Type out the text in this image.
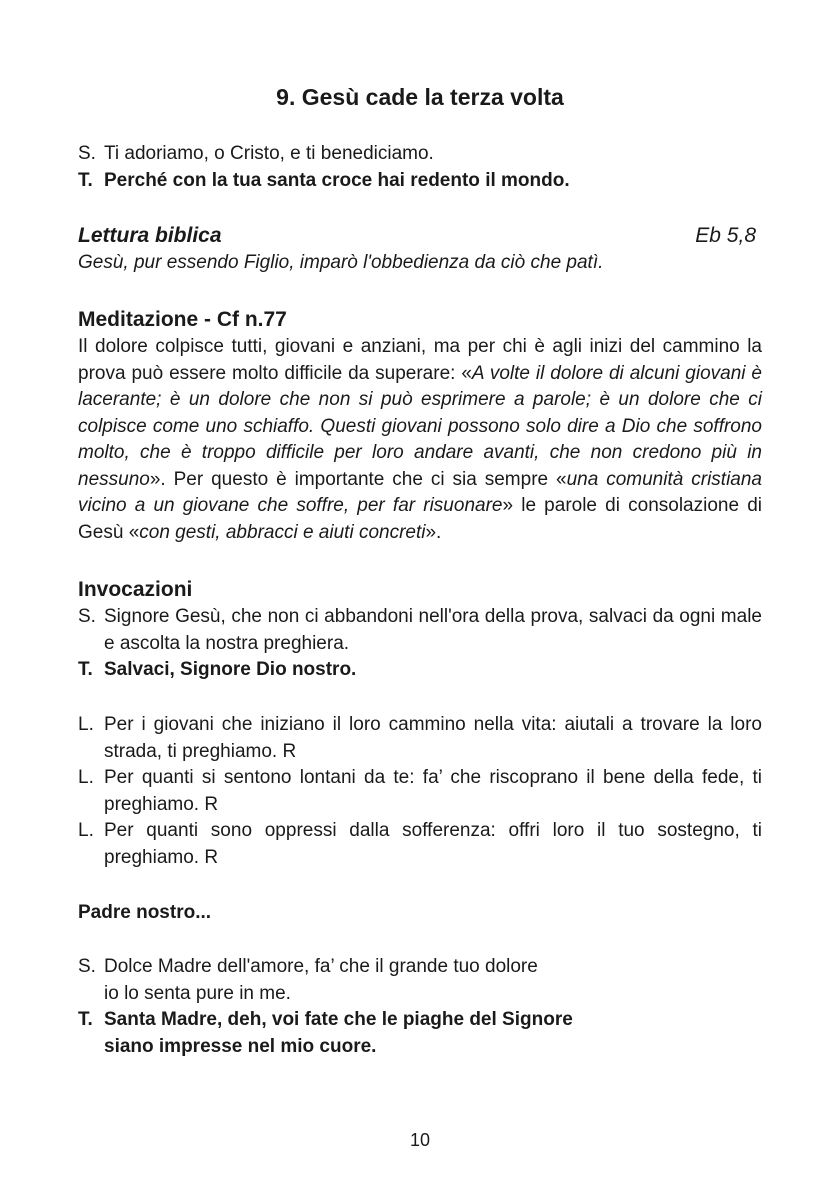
9. Gesù cade la terza volta
S. Ti adoriamo, o Cristo, e ti benediciamo.
T. Perché con la tua santa croce hai redento il mondo.
Lettura biblica	Eb 5,8
Gesù, pur essendo Figlio, imparò l'obbedienza da ciò che patì.
Meditazione - Cf n.77
Il dolore colpisce tutti, giovani e anziani, ma per chi è agli inizi del cammino la prova può essere molto difficile da superare: «A volte il dolore di alcuni giovani è lacerante; è un dolore che non si può esprimere a parole; è un dolore che ci colpisce come uno schiaffo. Questi giovani possono solo dire a Dio che soffrono molto, che è troppo difficile per loro andare avanti, che non credono più in nessuno». Per questo è importante che ci sia sempre «una comunità cristiana vicino a un giovane che soffre, per far risuonare» le parole di consolazione di Gesù «con gesti, abbracci e aiuti concreti».
Invocazioni
S. Signore Gesù, che non ci abbandoni nell'ora della prova, salvaci da ogni male e ascolta la nostra preghiera.
T. Salvaci, Signore Dio nostro.
L. Per i giovani che iniziano il loro cammino nella vita: aiutali a trovare la loro strada, ti preghiamo. R
L. Per quanti si sentono lontani da te: fa’ che riscoprano il bene della fede, ti preghiamo. R
L. Per quanti sono oppressi dalla sofferenza: offri loro il tuo sostegno, ti preghiamo. R
Padre nostro...
S. Dolce Madre dell'amore, fa’ che il grande tuo dolore
io lo senta pure in me.
T. Santa Madre, deh, voi fate che le piaghe del Signore
siano impresse nel mio cuore.
10
